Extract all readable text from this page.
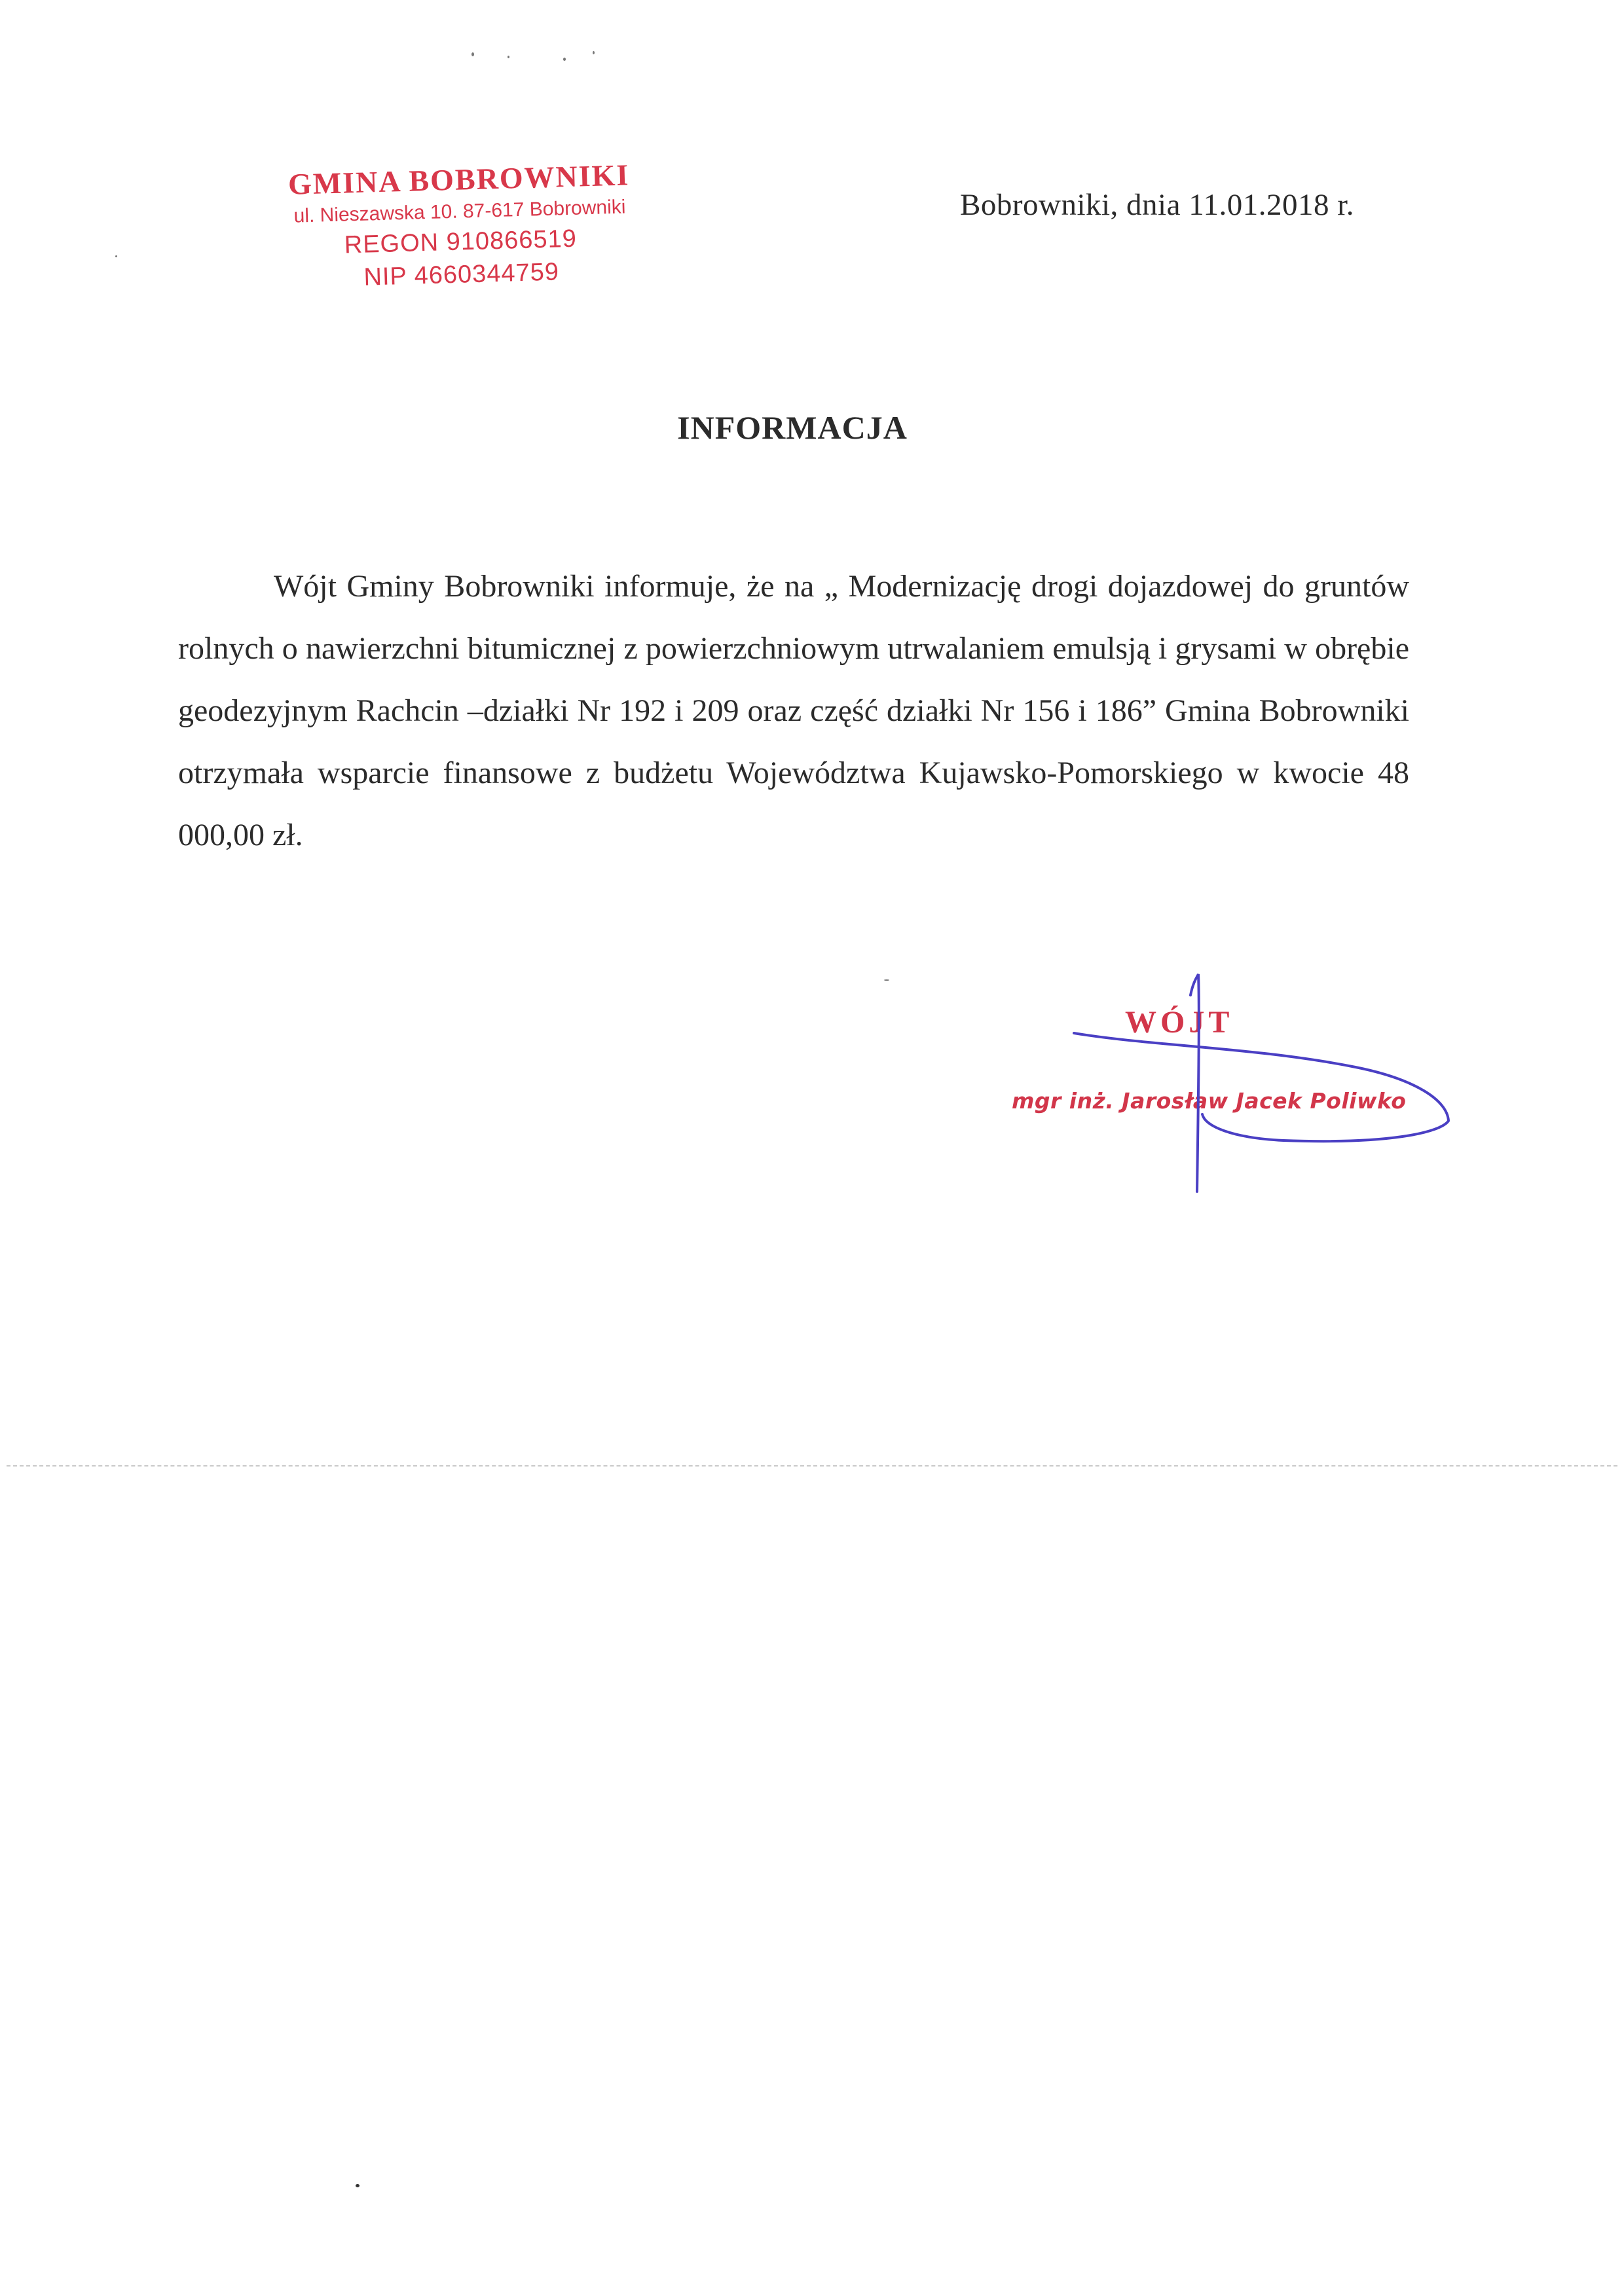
GMINA BOBROWNIKI
ul. Nieszawska 10. 87-617 Bobrowniki
REGON 910866519
NIP 4660344759
Bobrowniki, dnia 11.01.2018 r.
INFORMACJA

Wójt Gminy Bobrowniki informuje, że na „ Modernizację drogi dojazdowej do gruntów rolnych o nawierzchni bitumicznej z powierzchniowym utrwalaniem emulsją i grysami w obrębie geodezyjnym Rachcin –działki Nr 192 i 209 oraz część działki Nr 156 i 186” Gmina Bobrowniki otrzymała wsparcie finansowe z budżetu Województwa Kujawsko-Pomorskiego w kwocie 48 000,00 zł.

WÓJT
mgr inż. Jarosław Jacek Poliwko
